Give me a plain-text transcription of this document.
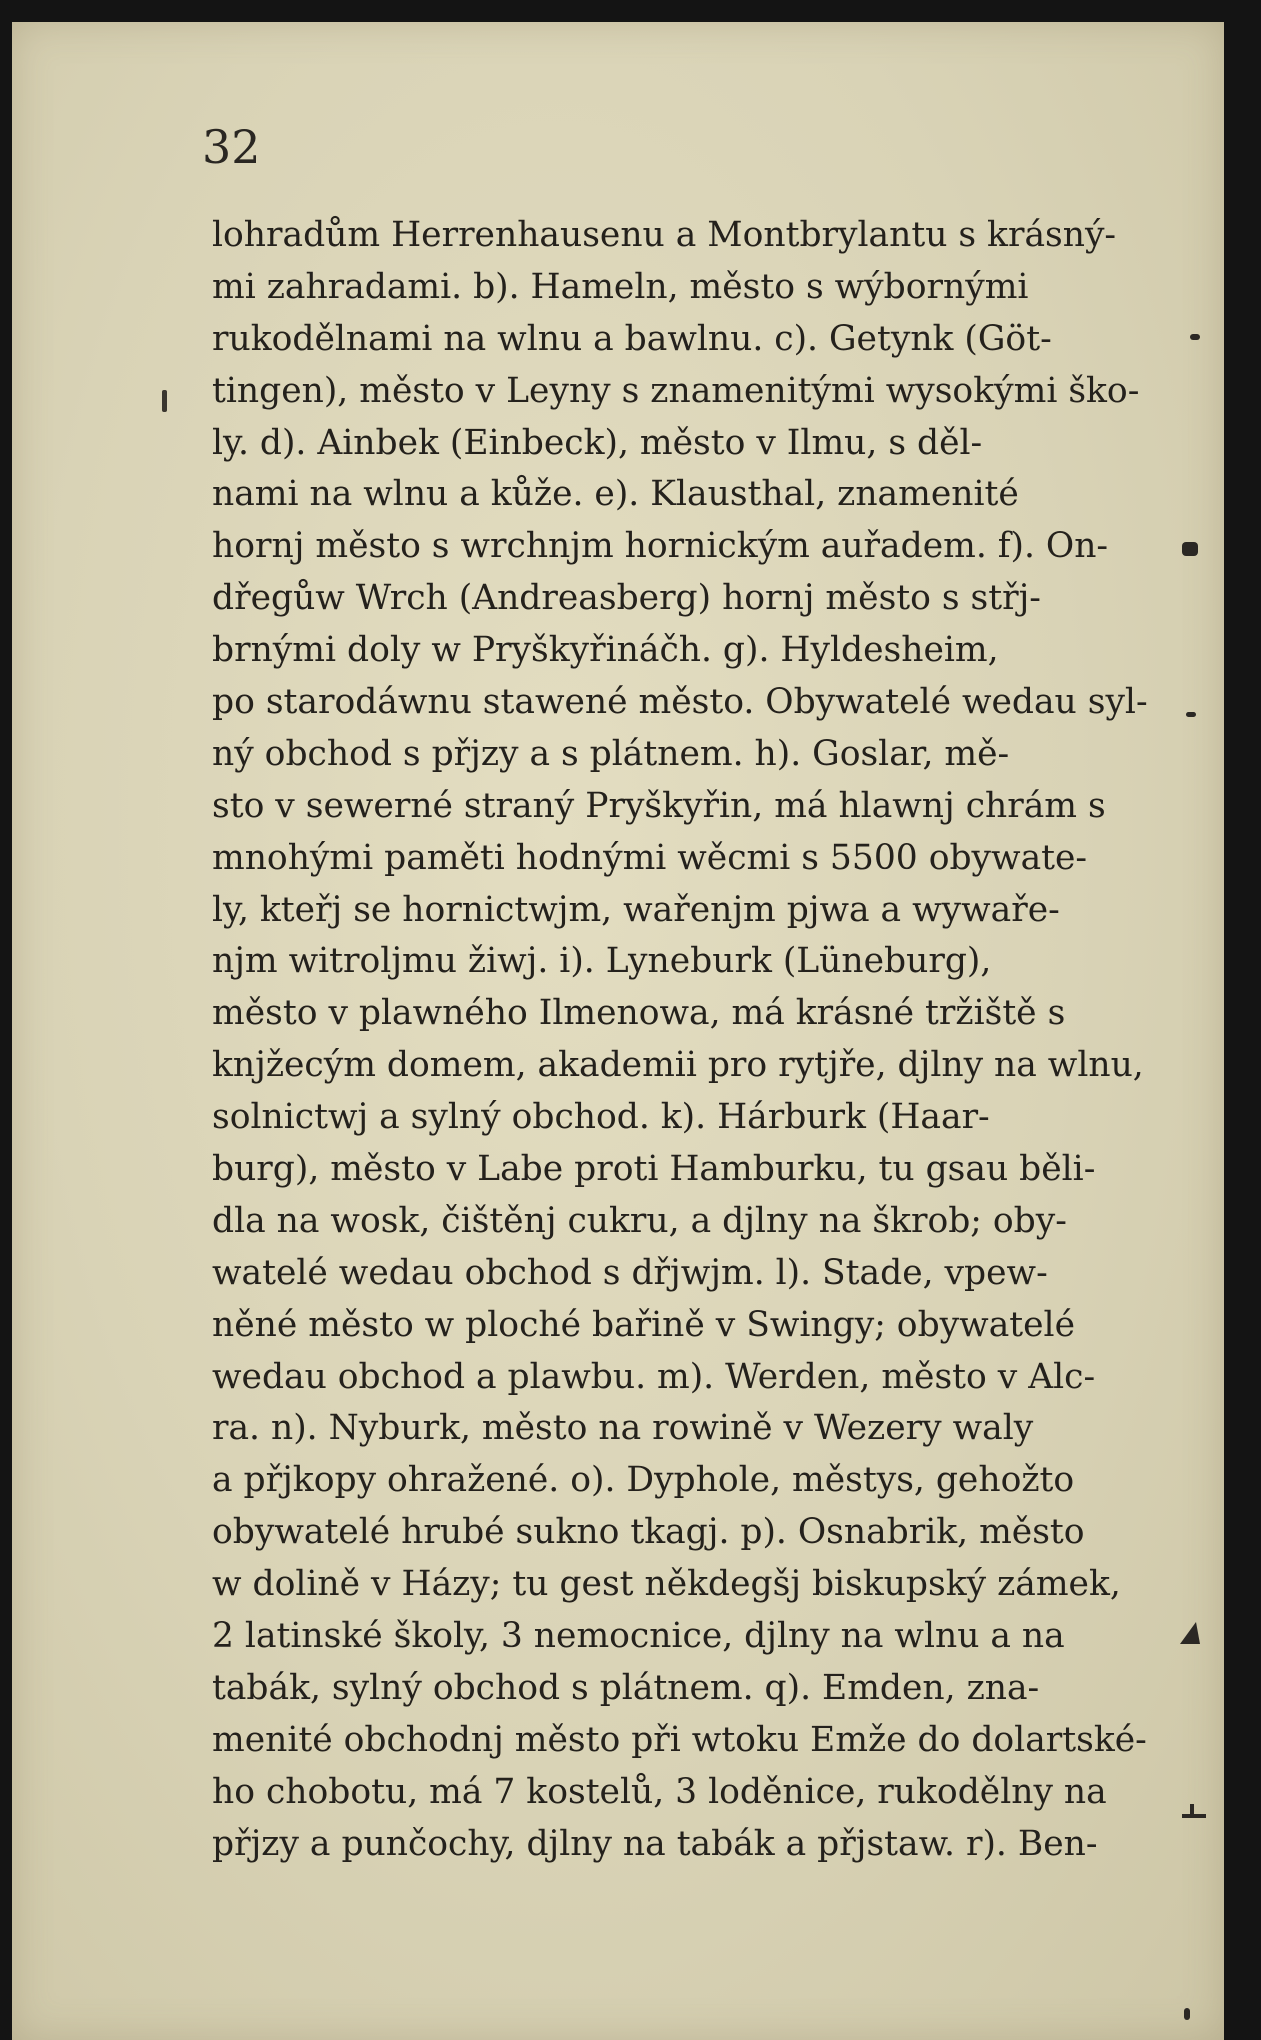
32
lohradům Herrenhausenu a Montbrylantu s krásný-
mi zahradami. b). Hameln, město s wýbornými
rukodělnami na wlnu a bawlnu. c). Getynk (Göt-
tingen), město v Leyny s znamenitými wysokými ško-
ly. d). Ainbek (Einbeck), město v Ilmu, s děl-
nami na wlnu a kůže. e). Klausthal, znamenité
hornj město s wrchnjm hornickým auřadem. f). On-
dřegůw Wrch (Andreasberg) hornj město s střj-
brnými doly w Pryškyřináčh. g). Hyldesheim,
po starodáwnu stawené město. Obywatelé wedau syl-
ný obchod s přjzy a s plátnem. h). Goslar, mě-
sto v sewerné straný Pryškyřin, má hlawnj chrám s
mnohými paměti hodnými wěcmi s 5500 obywate-
ly, kteřj se hornictwjm, wařenjm pjwa a wywaře-
njm witroljmu žiwj. i). Lyneburk (Lüneburg),
město v plawného Ilmenowa, má krásné tržiště s
knjžecým domem, akademii pro rytjře, djlny na wlnu,
solnictwj a sylný obchod. k). Hárburk (Haar-
burg), město v Labe proti Hamburku, tu gsau běli-
dla na wosk, čištěnj cukru, a djlny na škrob; oby-
watelé wedau obchod s dřjwjm. l). Stade, vpew-
něné město w ploché bařině v Swingy; obywatelé
wedau obchod a plawbu. m). Werden, město v Alc-
ra. n). Nyburk, město na rowině v Wezery waly
a přjkopy ohražené. o). Dyphole, městys, gehožto
obywatelé hrubé sukno tkagj. p). Osnabrik, město
w dolině v Házy; tu gest někdegšj biskupský zámek,
2 latinské školy, 3 nemocnice, djlny na wlnu a na
tabák, sylný obchod s plátnem. q). Emden, zna-
menité obchodnj město při wtoku Emže do dolartské-
ho chobotu, má 7 kostelů, 3 loděnice, rukodělny na
přjzy a punčochy, djlny na tabák a přjstaw. r). Ben-
